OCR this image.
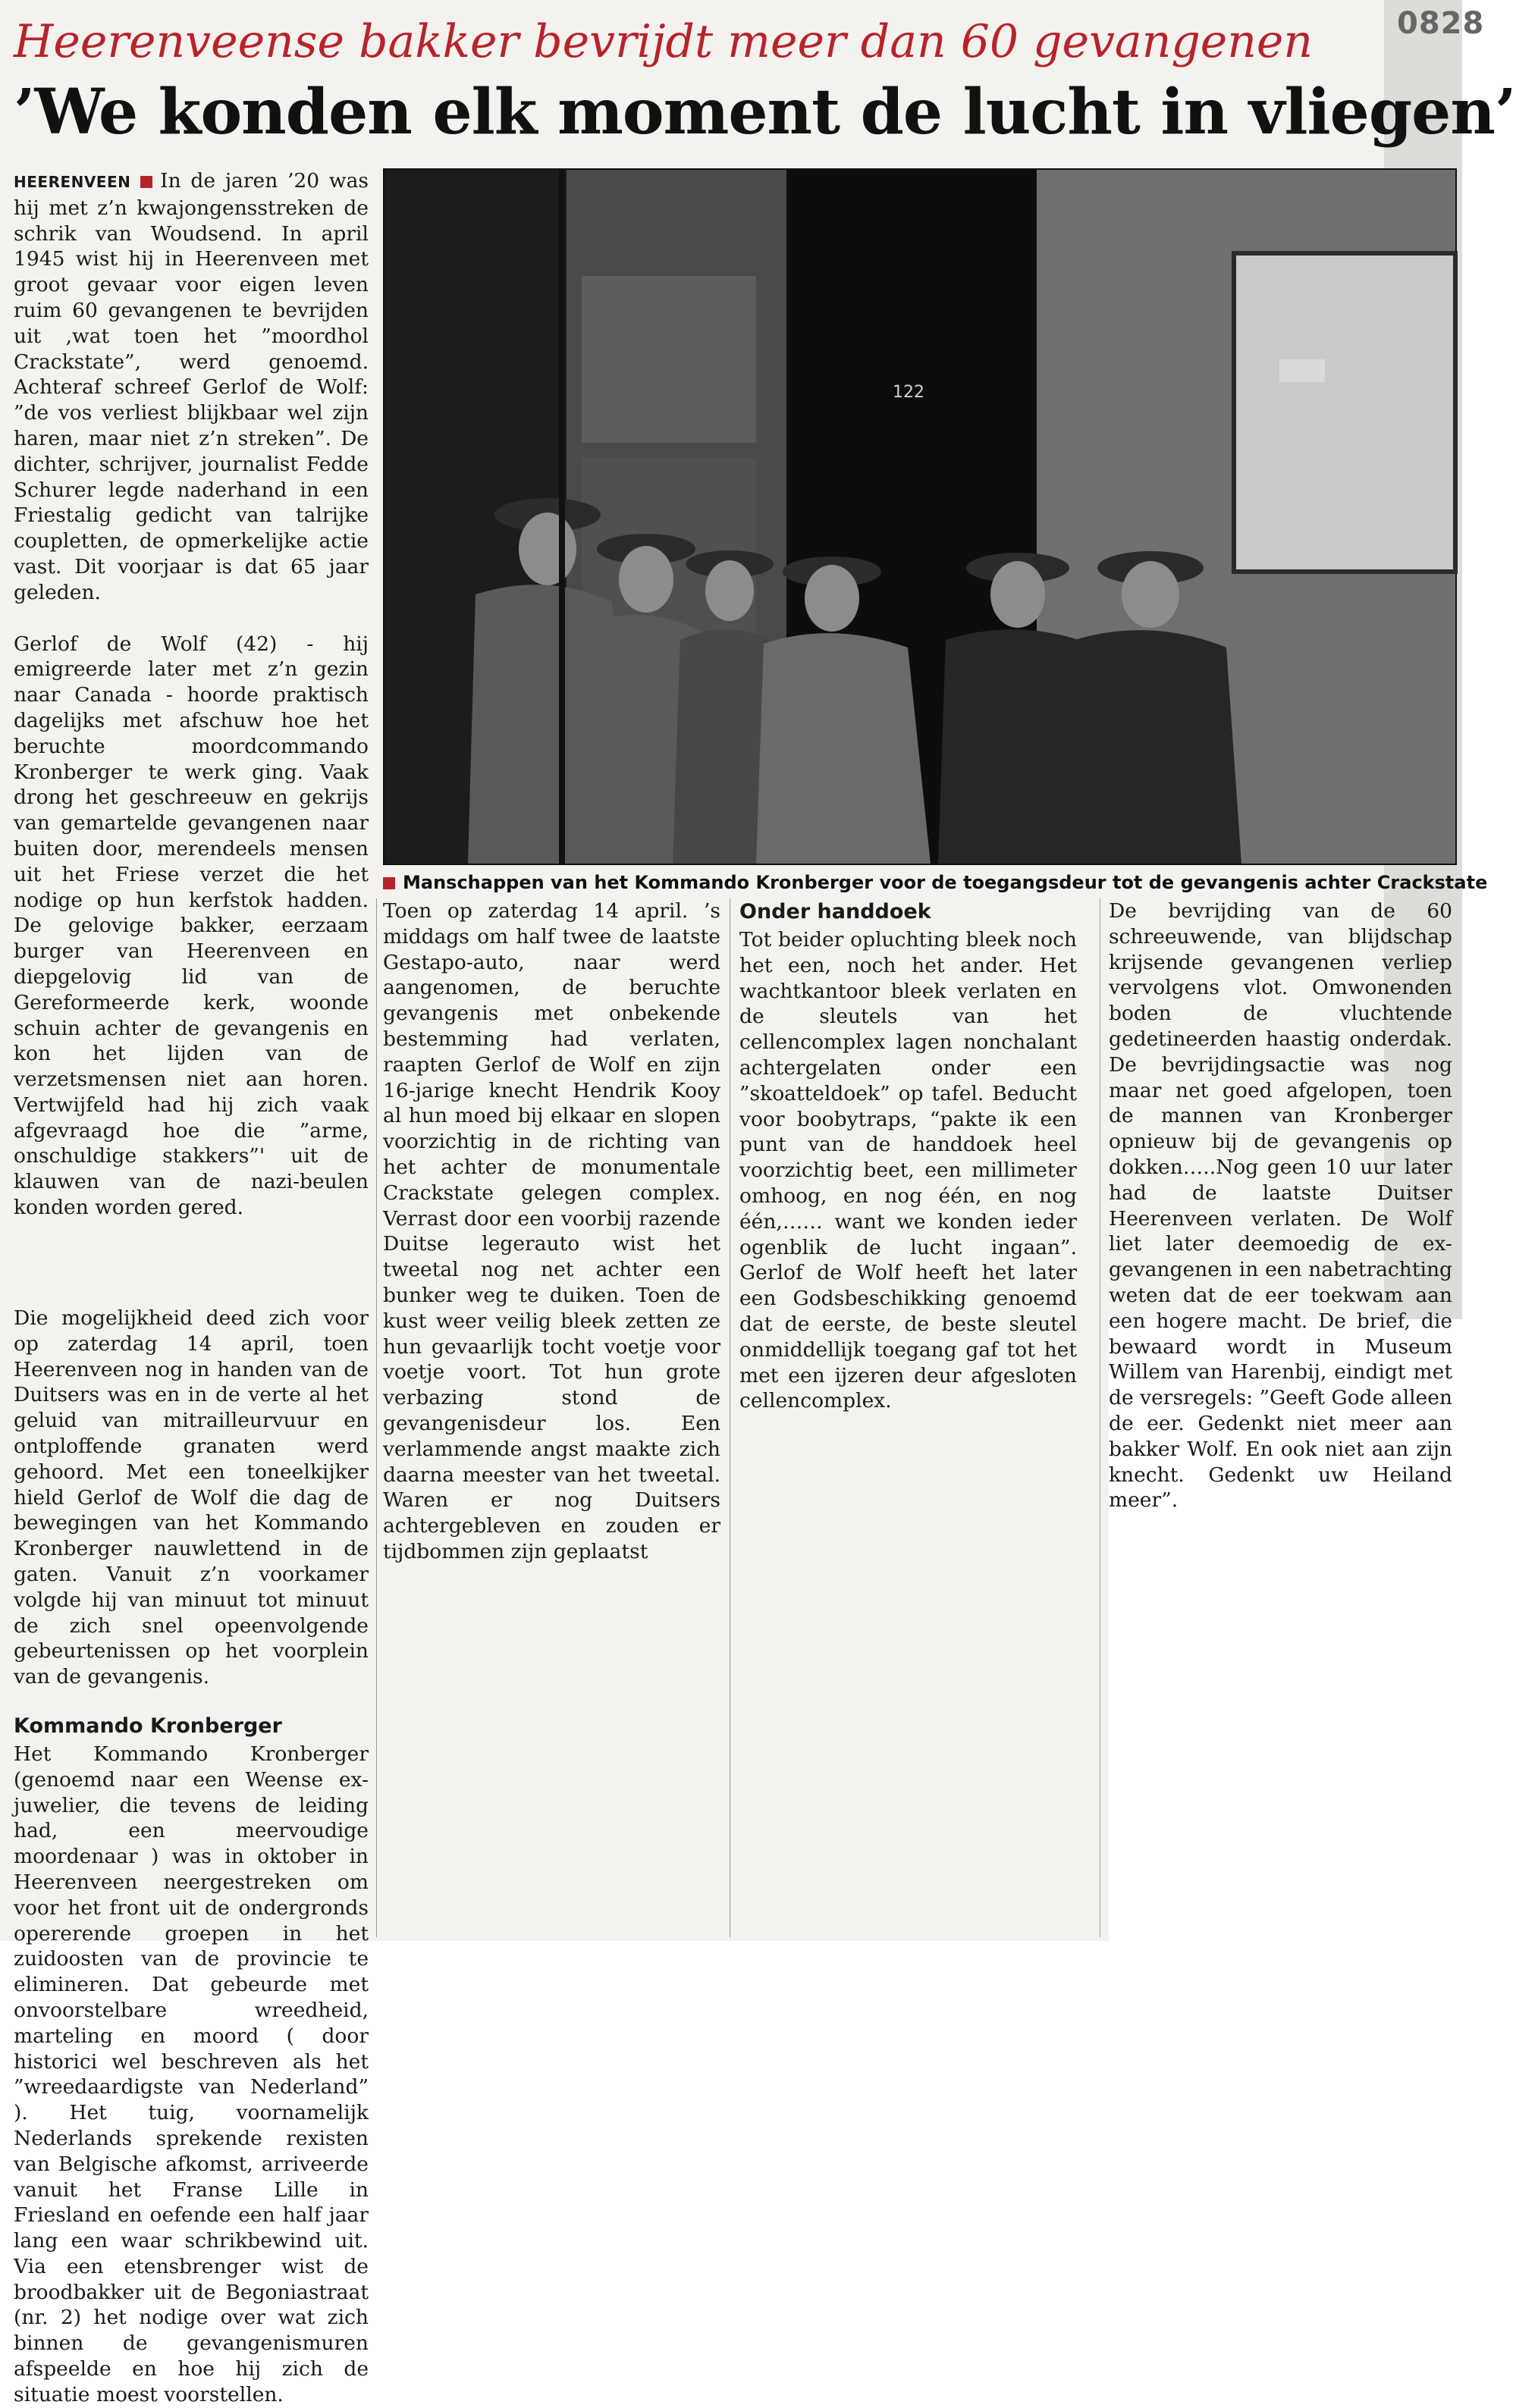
0828
Heerenveense bakker bevrijdt meer dan 60 gevangenen
’We konden elk moment de lucht in vliegen’
122
Manschappen van het Kommando Kronberger voor de toegangsdeur tot de gevangenis achter Crackstate

HEERENVEEN In de jaren ’20 was hij met z’n kwajongensstreken de schrik van Woudsend. In april 1945 wist hij in Heerenveen met groot gevaar voor eigen leven ruim 60 gevangenen te bevrijden uit ,wat toen het ”moordhol Crackstate”, werd genoemd. Achteraf schreef Gerlof de Wolf: ”de vos verliest blijkbaar wel zijn haren, maar niet z’n streken”. De dichter, schrijver, journalist Fedde Schurer legde naderhand in een Friestalig gedicht van talrijke coupletten, de opmerkelijke actie vast. Dit voorjaar is dat 65 jaar geleden.

Gerlof de Wolf (42) - hij emigreerde later met z’n gezin naar Canada - hoorde praktisch dagelijks met afschuw hoe het beruchte moordcommando Kronberger te werk ging. Vaak drong het geschreeuw en gekrijs van gemartelde gevangenen naar buiten door, merendeels mensen uit het Friese verzet die het nodige op hun kerfstok hadden. De gelovige bakker, eerzaam burger van Heerenveen en diepgelovig lid van de Gereformeerde kerk, woonde schuin achter de gevangenis en kon het lijden van de verzetsmensen niet aan horen. Vertwijfeld had hij zich vaak afgevraagd hoe die ”arme, onschuldige stakkers”' uit de klauwen van de nazi-beulen konden worden gered.

Die mogelijkheid deed zich voor op zaterdag 14 april, toen Heerenveen nog in handen van de Duitsers was en in de verte al het geluid van mitrailleurvuur en ontploffende granaten werd gehoord. Met een toneelkijker hield Gerlof de Wolf die dag de bewegingen van het Kommando Kronberger nauwlettend in de gaten. Vanuit z’n voorkamer volgde hij van minuut tot minuut de zich snel opeenvolgende gebeurtenissen op het voorplein van de gevangenis.

Kommando Kronberger

Het Kommando Kronberger (genoemd naar een Weense ex-juwelier, die tevens de leiding had, een meervoudige moordenaar ) was in oktober in Heerenveen neergestreken om voor het front uit de ondergronds opererende groepen in het zuidoosten van de provincie te elimineren. Dat gebeurde met onvoorstelbare wreedheid, marteling en moord ( door historici wel beschreven als het ”wreedaardigste van Nederland” ). Het tuig, voornamelijk Nederlands sprekende rexisten van Belgische afkomst, arriveerde vanuit het Franse Lille in Friesland en oefende een half jaar lang een waar schrikbewind uit. Via een etensbrenger wist de broodbakker uit de Begoniastraat (nr. 2) het nodige over wat zich binnen de gevangenismuren afspeelde en hoe hij zich de situatie moest voorstellen.

Toen op zaterdag 14 april. ’s middags om half twee de laatste Gestapo-auto, naar werd aangenomen, de beruchte gevangenis met onbekende bestemming had verlaten, raapten Gerlof de Wolf en zijn 16-jarige knecht Hendrik Kooy al hun moed bij elkaar en slopen voorzichtig in de richting van het achter de monumentale Crackstate gelegen complex. Verrast door een voorbij razende Duitse legerauto wist het tweetal nog net achter een bunker weg te duiken. Toen de kust weer veilig bleek zetten ze hun gevaarlijk tocht voetje voor voetje voort. Tot hun grote verbazing stond de gevangenisdeur los. Een verlammende angst maakte zich daarna meester van het tweetal. Waren er nog Duitsers achtergebleven en zouden er tijdbommen zijn geplaatst

Onder handdoek

Tot beider opluchting bleek noch het een, noch het ander. Het wachtkantoor bleek verlaten en de sleutels van het cellencomplex lagen nonchalant achtergelaten onder een ”skoatteldoek” op tafel. Beducht voor boobytraps, “pakte ik een punt van de handdoek heel voorzichtig beet, een millimeter omhoog, en nog één, en nog één,…… want we konden ieder ogenblik de lucht ingaan”. Gerlof de Wolf heeft het later een Godsbeschikking genoemd dat de eerste, de beste sleutel onmiddellijk toegang gaf tot het met een ijzeren deur afgesloten cellencomplex.

De bevrijding van de 60 schreeuwende, van blijdschap krijsende gevangenen verliep vervolgens vlot. Omwonenden boden de vluchtende gedetineerden haastig onderdak. De bevrijdingsactie was nog maar net goed afgelopen, toen de mannen van Kronberger opnieuw bij de gevangenis op dokken…..Nog geen 10 uur later had de laatste Duitser Heerenveen verlaten. De Wolf liet later deemoedig de ex-gevangenen in een nabetrachting weten dat de eer toekwam aan een hogere macht. De brief, die bewaard wordt in Museum Willem van Harenbij, eindigt met de versregels: ”Geeft Gode alleen de eer. Gedenkt niet meer aan bakker Wolf. En ook niet aan zijn knecht. Gedenkt uw Heiland meer”.
